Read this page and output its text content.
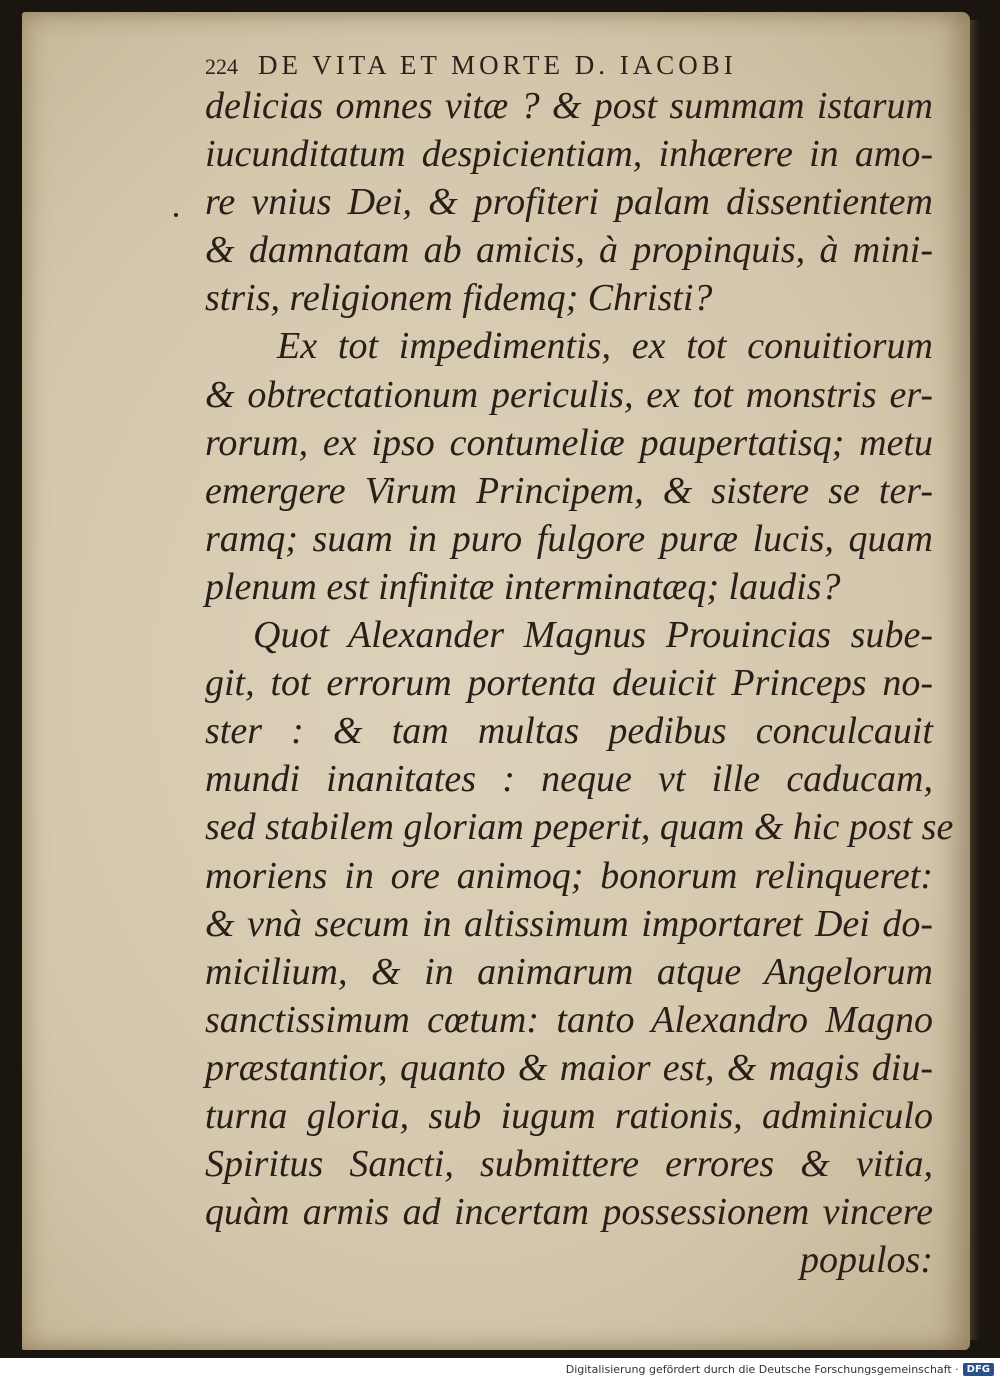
224 DE VITA ET MORTE D. IACOBI
delicias omnes vitæ ? & post summam istarum
iucunditatum despicientiam, inhærere in amo-
re vnius Dei, & profiteri palam dissentientem
& damnatam ab amicis, à propinquis, à mini-
stris, religionem fidemq; Christi?
Ex tot impedimentis, ex tot conuitiorum
& obtrectationum periculis, ex tot monstris er-
rorum, ex ipso contumeliæ paupertatisq; metu
emergere Virum Principem, & sistere se ter-
ramq; suam in puro fulgore puræ lucis, quam
plenum est infinitæ interminatæq; laudis?
Quot Alexander Magnus Prouincias sube-
git, tot errorum portenta deuicit Princeps no-
ster : & tam multas pedibus conculcauit
mundi inanitates : neque vt ille caducam,
sed stabilem gloriam peperit, quam & hic post se
moriens in ore animoq; bonorum relinqueret:
& vnà secum in altissimum importaret Dei do-
micilium, & in animarum atque Angelorum
sanctissimum cœtum: tanto Alexandro Magno
præstantior, quanto & maior est, & magis diu-
turna gloria, sub iugum rationis, adminiculo
Spiritus Sancti, submittere errores & vitia,
quàm armis ad incertam possessionem vincere
populos:
Digitalisierung gefördert durch die Deutsche Forschungsgemeinschaft · DFG
